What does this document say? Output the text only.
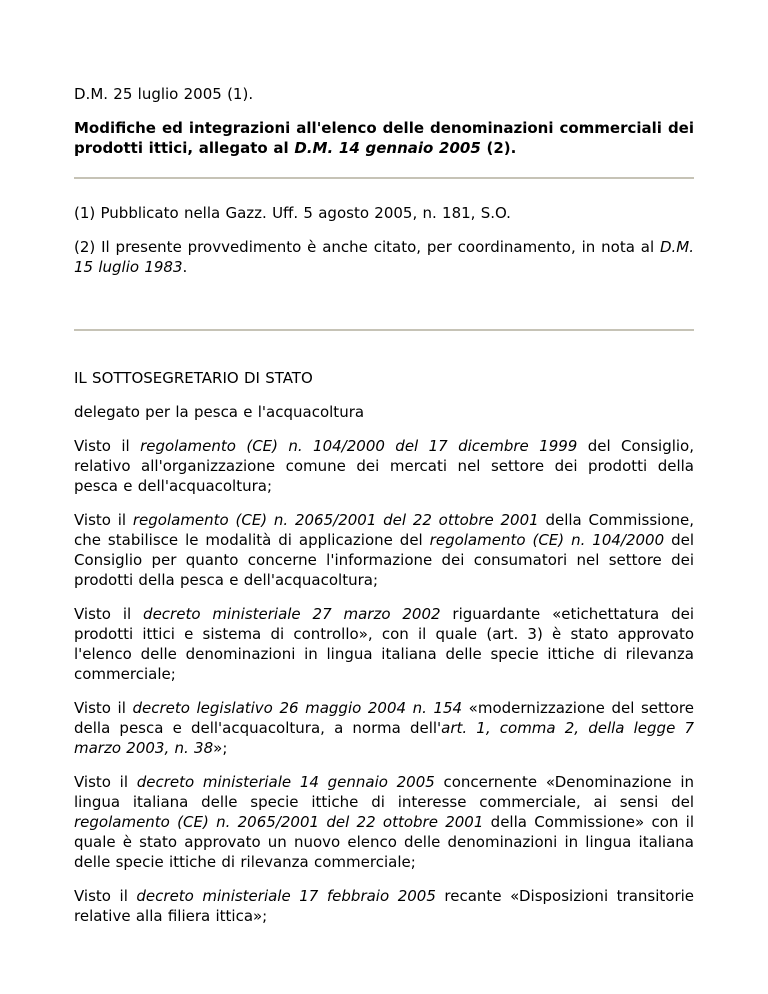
D.M. 25 luglio 2005 (1).

Modifiche ed integrazioni all'elenco delle denominazioni commerciali dei prodotti ittici, allegato al D.M. 14 gennaio 2005 (2).

(1) Pubblicato nella Gazz. Uff. 5 agosto 2005, n. 181, S.O.

(2) Il presente provvedimento è anche citato, per coordinamento, in nota al D.M. 15 luglio 1983.

IL SOTTOSEGRETARIO DI STATO

delegato per la pesca e l'acquacoltura

Visto il regolamento (CE) n. 104/2000 del 17 dicembre 1999 del Consiglio, relativo all'organizzazione comune dei mercati nel settore dei prodotti della pesca e dell'acquacoltura;

Visto il regolamento (CE) n. 2065/2001 del 22 ottobre 2001 della Commissione, che stabilisce le modalità di applicazione del regolamento (CE) n. 104/2000 del Consiglio per quanto concerne l'informazione dei consumatori nel settore dei prodotti della pesca e dell'acquacoltura;

Visto il decreto ministeriale 27 marzo 2002 riguardante «etichettatura dei prodotti ittici e sistema di controllo», con il quale (art. 3) è stato approvato l'elenco delle denominazioni in lingua italiana delle specie ittiche di rilevanza commerciale;

Visto il decreto legislativo 26 maggio 2004 n. 154 «modernizzazione del settore della pesca e dell'acquacoltura, a norma dell'art. 1, comma 2, della legge 7 marzo 2003, n. 38»;

Visto il decreto ministeriale 14 gennaio 2005 concernente «Denominazione in lingua italiana delle specie ittiche di interesse commerciale, ai sensi del regolamento (CE) n. 2065/2001 del 22 ottobre 2001 della Commissione» con il quale è stato approvato un nuovo elenco delle denominazioni in lingua italiana delle specie ittiche di rilevanza commerciale;

Visto il decreto ministeriale 17 febbraio 2005 recante «Disposizioni transitorie relative alla filiera ittica»;
